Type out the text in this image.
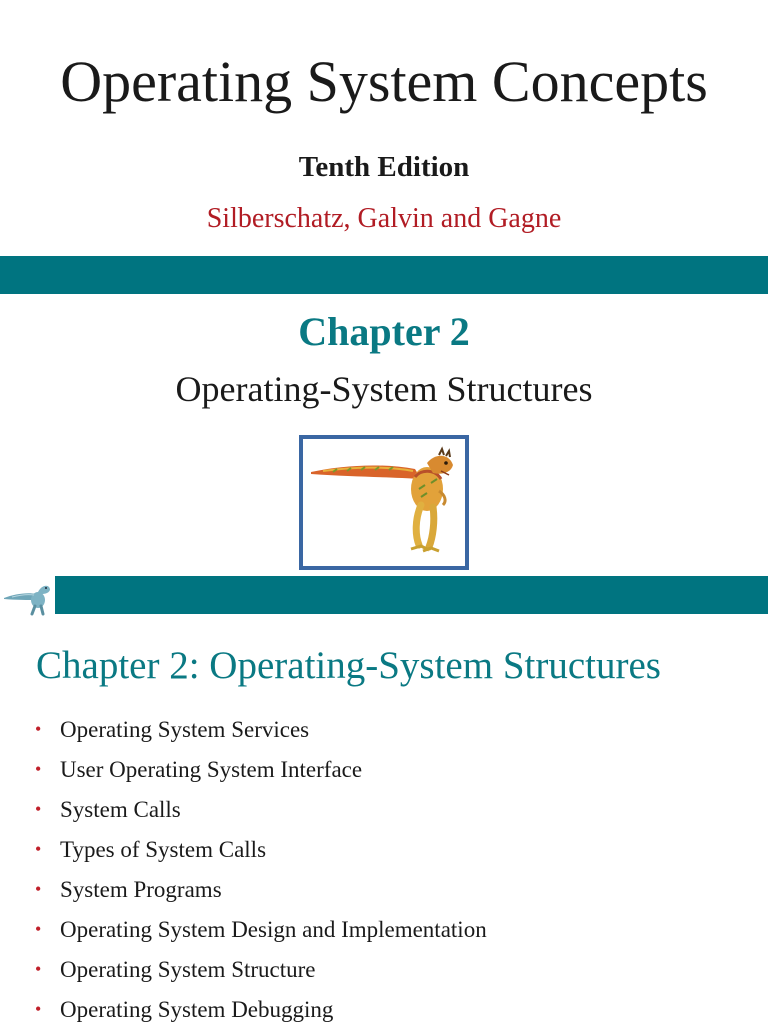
Operating System Concepts
Tenth Edition
Silberschatz, Galvin and Gagne
Chapter 2
Operating-System Structures
Chapter 2: Operating-System Structures
• Operating System Services
• User Operating System Interface
• System Calls
• Types of System Calls
• System Programs
• Operating System Design and Implementation
• Operating System Structure
• Operating System Debugging
